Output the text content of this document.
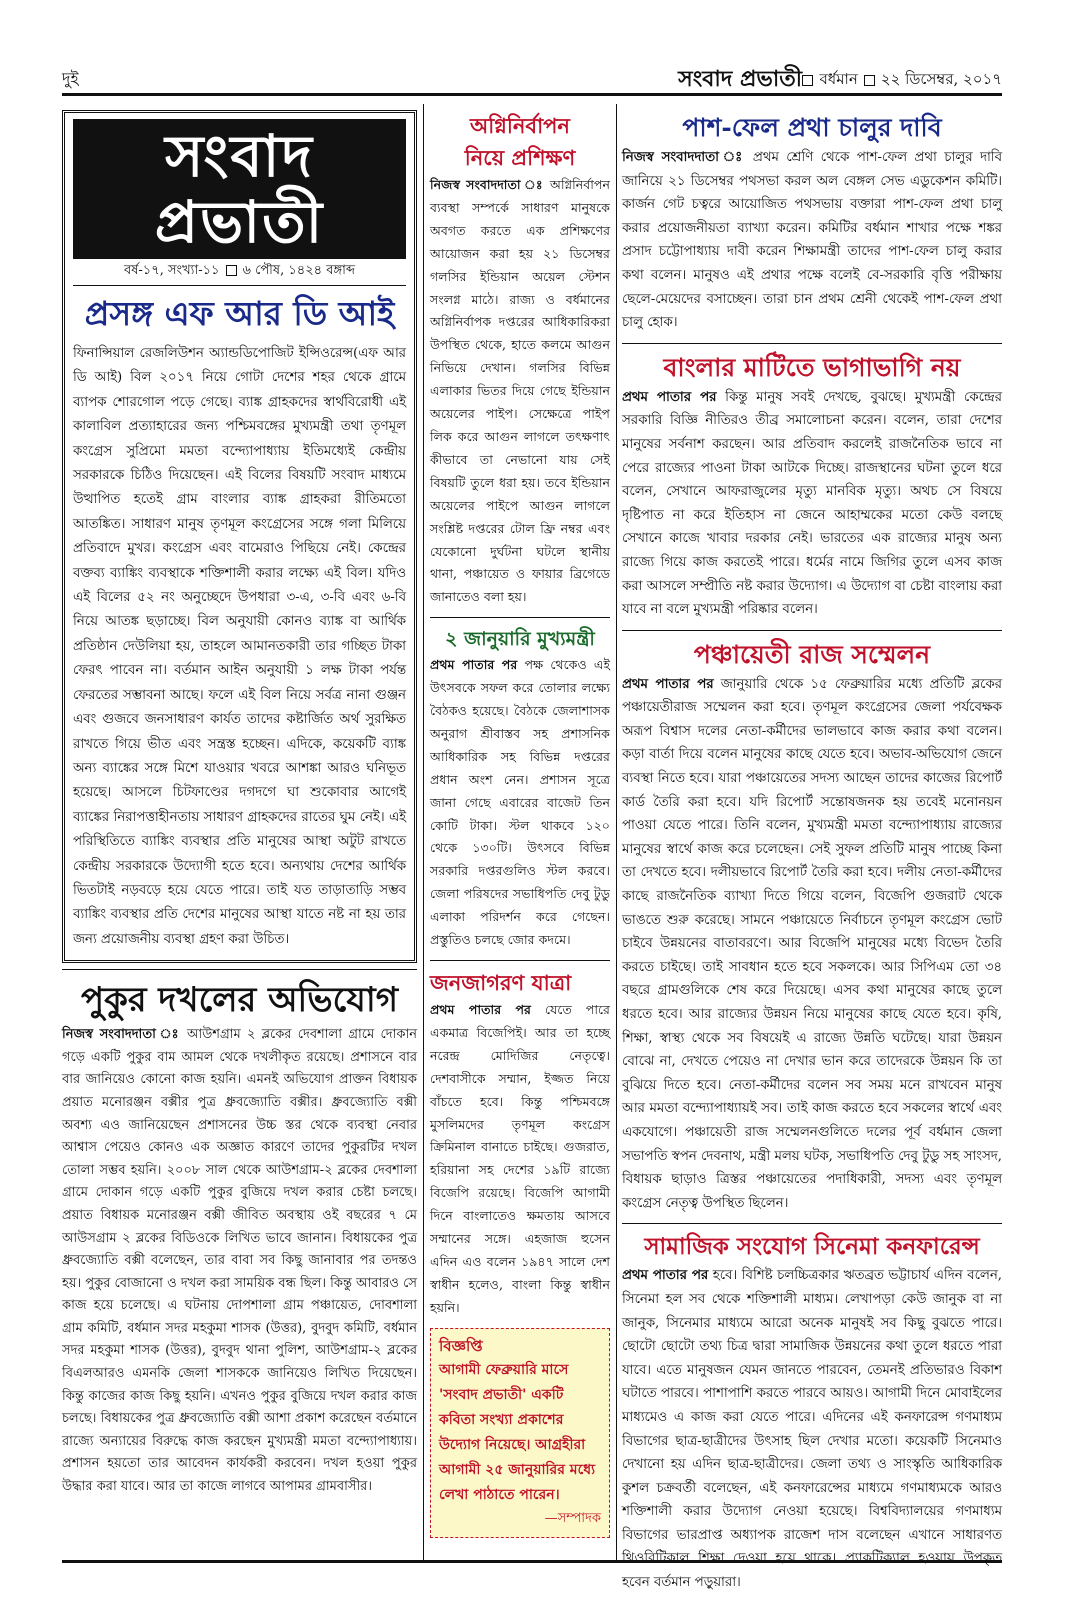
দুই	সংবাদ প্রভাতী	বর্ধমান ২২ ডিসেম্বর, ২০১৭
সংবাদ প্রভাতী
বর্ষ-১৭, সংখ্যা-১১ ৬ পৌষ, ১৪২৪ বঙ্গাব্দ
প্রসঙ্গ এফ আর ডি আই
ফিনান্সিয়াল রেজলিউশন অ্যান্ডডিপোজিট ইন্সিওরেন্স(এফ আর ডি আই) বিল ২০১৭ নিয়ে গোটা দেশের শহর থেকে গ্রামে ব্যাপক শোরগোল পড়ে গেছে। ব্যাঙ্ক গ্রাহকদের স্বার্থবিরোধী এই কালাবিল প্রত্যাহারের জন্য পশ্চিমবঙ্গের মুখ্যমন্ত্রী তথা তৃণমূল কংগ্রেস সুপ্রিমো মমতা বন্দ্যোপাধ্যায় ইতিমধ্যেই কেন্দ্রীয় সরকারকে চিঠিও দিয়েছেন। এই বিলের বিষয়টি সংবাদ মাধ্যমে উত্থাপিত হতেই গ্রাম বাংলার ব্যাঙ্ক গ্রাহকরা রীতিমতো আতঙ্কিত। সাধারণ মানুষ তৃণমূল কংগ্রেসের সঙ্গে গলা মিলিয়ে প্রতিবাদে মুখর। কংগ্রেস এবং বামেরাও পিছিয়ে নেই। কেন্দ্রের বক্তব্য ব্যাঙ্কিং ব্যবস্থাকে শক্তিশালী করার লক্ষ্যে এই বিল। যদিও এই বিলের ৫২ নং অনুচ্ছেদে উপধারা ৩-এ, ৩-বি এবং ৬-বি নিয়ে আতঙ্ক ছড়াচ্ছে। বিল অনুযায়ী কোনও ব্যাঙ্ক বা আর্থিক প্রতিষ্ঠান দেউলিয়া হয়, তাহলে আমানতকারী তার গচ্ছিত টাকা ফেরৎ পাবেন না। বর্তমান আইন অনুযায়ী ১ লক্ষ টাকা পর্যন্ত ফেরতের সম্ভাবনা আছে। ফলে এই বিল নিয়ে সর্বত্র নানা গুঞ্জন এবং গুজবে জনসাধারণ কার্যত তাদের কষ্টার্জিত অর্থ সুরক্ষিত রাখতে গিয়ে ভীত এবং সন্ত্রস্ত হচ্ছেন। এদিকে, কয়েকটি ব্যাঙ্ক অন্য ব্যাঙ্কের সঙ্গে মিশে যাওয়ার খবরে আশঙ্কা আরও ঘনিভূত হয়েছে। আসলে চিটফাণ্ডের দগদগে ঘা শুকোবার আগেই ব্যাঙ্কের নিরাপত্তাহীনতায় সাধারণ গ্রাহকদের রাতের ঘুম নেই। এই পরিস্থিতিতে ব্যাঙ্কিং ব্যবস্থার প্রতি মানুষের আস্থা অটুট রাখতে কেন্দ্রীয় সরকারকে উদ্যোগী হতে হবে। অন্যথায় দেশের আর্থিক ভিতটাই নড়বড়ে হয়ে যেতে পারে। তাই যত তাড়াতাড়ি সম্ভব ব্যাঙ্কিং ব্যবস্থার প্রতি দেশের মানুষের আস্থা যাতে নষ্ট না হয় তার জন্য প্রয়োজনীয় ব্যবস্থা গ্রহণ করা উচিত।
পুকুর দখলের অভিযোগ
নিজস্ব সংবাদদাতা ঃ আউশগ্রাম ২ ব্লকের দেবশালা গ্রামে দোকান গড়ে একটি পুকুর বাম আমল থেকে দখলীকৃত রয়েছে। প্রশাসনে বার বার জানিয়েও কোনো কাজ হয়নি। এমনই অভিযোগ প্রাক্তন বিধায়ক প্রয়াত মনোরঞ্জন বক্সীর পুত্র ধ্রুবজ্যোতি বক্সীর। ধ্রুবজ্যোতি বক্সী অবশ্য এও জানিয়েছেন প্রশাসনের উচ্চ স্তর থেকে ব্যবস্থা নেবার আশ্বাস পেয়েও কোনও এক অজ্ঞাত কারণে তাদের পুকুরটির দখল তোলা সম্ভব হয়নি। ২০০৮ সাল থেকে আউশগ্রাম-২ ব্লকের দেবশালা গ্রামে দোকান গড়ে একটি পুকুর বুজিয়ে দখল করার চেষ্টা চলছে। প্রয়াত বিধায়ক মনোরঞ্জন বক্সী জীবিত অবস্থায় ওই বছরের ৭ মে আউসগ্রাম ২ ব্লকের বিডিওকে লিখিত ভাবে জানান। বিধায়কের পুত্র ধ্রুবজ্যোতি বক্সী বলেছেন, তার বাবা সব কিছু জানাবার পর তদন্তও হয়। পুকুর বোজানো ও দখল করা সাময়িক বন্ধ ছিল। কিন্তু আবারও সে কাজ হয়ে চলেছে। এ ঘটনায় দোপশালা গ্রাম পঞ্চায়েত, দোবশালা গ্রাম কমিটি, বর্ধমান সদর মহকুমা শাসক (উত্তর), বুদবুদ কমিটি, বর্ধমান সদর মহকুমা শাসক (উত্তর), বুদবুদ থানা পুলিশ, আউশগ্রাম-২ ব্লকের বিএলআরও এমনকি জেলা শাসককে জানিয়েও লিখিত দিয়েছেন। কিন্তু কাজের কাজ কিছু হয়নি। এখনও পুকুর বুজিয়ে দখল করার কাজ চলছে। বিধায়কের পুত্র ধ্রুবজ্যোতি বক্সী আশা প্রকাশ করেছেন বর্তমানে রাজ্যে অন্যায়ের বিরুদ্ধে কাজ করছেন মুখ্যমন্ত্রী মমতা বন্দ্যোপাধ্যায়। প্রশাসন হয়তো তার আবেদন কার্যকরী করবেন। দখল হওয়া পুকুর উদ্ধার করা যাবে। আর তা কাজে লাগবে আপামর গ্রামবাসীর।
অগ্নিনির্বাপন
নিয়ে প্রশিক্ষণ
নিজস্ব সংবাদদাতা ঃ অগ্নিনির্বাপন ব্যবস্থা সম্পর্কে সাধারণ মানুষকে অবগত করতে এক প্রশিক্ষণের আয়োজন করা হয় ২১ ডিসেম্বর গলসির ইন্ডিয়ান অয়েল স্টেশন সংলগ্ন মাঠে। রাজ্য ও বর্ধমানের অগ্নিনির্বাপক দপ্তরের আধিকারিকরা উপস্থিত থেকে, হাতে কলমে আগুন নিভিয়ে দেখান। গলসির বিভিন্ন এলাকার ভিতর দিয়ে গেছে ইন্ডিয়ান অয়েলের পাইপ। সেক্ষেত্রে পাইপ লিক করে আগুন লাগলে তৎক্ষণাৎ কীভাবে তা নেভানো যায় সেই বিষয়টি তুলে ধরা হয়। তবে ইন্ডিয়ান অয়েলের পাইপে আগুন লাগলে সংশ্লিষ্ট দপ্তরের টোল ফ্রি নম্বর এবং যেকোনো দুর্ঘটনা ঘটলে স্থানীয় থানা, পঞ্চায়েত ও ফায়ার ব্রিগেডে জানাতেও বলা হয়।
২ জানুয়ারি মুখ্যমন্ত্রী
প্রথম পাতার পর পক্ষ থেকেও এই উৎসবকে সফল করে তোলার লক্ষ্যে বৈঠকও হয়েছে। বৈঠকে জেলাশাসক অনুরাগ শ্রীবাস্তব সহ প্রশাসনিক আধিকারিক সহ বিভিন্ন দপ্তরের প্রধান অংশ নেন। প্রশাসন সূত্রে জানা গেছে এবারের বাজেট তিন কোটি টাকা। স্টল থাকবে ১২০ থেকে ১৩০টি। উৎসবে বিভিন্ন সরকারি দপ্তরগুলিও স্টল করবে। জেলা পরিষদের সভাধিপতি দেবু টুডু এলাকা পরিদর্শন করে গেছেন। প্রস্তুতিও চলছে জোর কদমে।
জনজাগরণ যাত্রা
প্রথম পাতার পর যেতে পারে একমাত্র বিজেপিই। আর তা হচ্ছে নরেন্দ্র মোদিজির নেতৃত্বে। দেশবাসীকে সম্মান, ইজ্জত নিয়ে বাঁচতে হবে। কিন্তু পশ্চিমবঙ্গে মুসলিমদের তৃণমূল কংগ্রেস ক্রিমিনাল বানাতে চাইছে। গুজরাত, হরিয়ানা সহ দেশের ১৯টি রাজ্যে বিজেপি রয়েছে। বিজেপি আগামী দিনে বাংলাতেও ক্ষমতায় আসবে সম্মানের সঙ্গে। এহজাজ হুসেন এদিন এও বলেন ১৯৪৭ সালে দেশ স্বাধীন হলেও, বাংলা কিন্তু স্বাধীন হয়নি।
বিজ্ঞপ্তি
আগামী ফেব্রুয়ারি মাসে 'সংবাদ প্রভাতী' একটি কবিতা সংখ্যা প্রকাশের উদ্যোগ নিয়েছে। আগ্রহীরা আগামী ২৫ জানুয়ারির মধ্যে লেখা পাঠাতে পারেন।
—সম্পাদক
পাশ-ফেল প্রথা চালুর দাবি
নিজস্ব সংবাদদাতা ঃ প্রথম শ্রেণি থেকে পাশ-ফেল প্রথা চালুর দাবি জানিয়ে ২১ ডিসেম্বর পথসভা করল অল বেঙ্গল সেভ এডুকেশন কমিটি। কার্জন গেট চত্বরে আয়োজিত পথসভায় বক্তারা পাশ-ফেল প্রথা চালু করার প্রয়োজনীয়তা ব্যাখ্যা করেন। কমিটির বর্ধমান শাখার পক্ষে শঙ্কর প্রসাদ চট্টোপাধ্যায় দাবী করেন শিক্ষামন্ত্রী তাদের পাশ-ফেল চালু করার কথা বলেন। মানুষও এই প্রথার পক্ষে বলেই বে-সরকারি বৃত্তি পরীক্ষায় ছেলে-মেয়েদের বসাচ্ছেন। তারা চান প্রথম শ্রেনী থেকেই পাশ-ফেল প্রথা চালু হোক।
বাংলার মাটিতে ভাগাভাগি নয়
প্রথম পাতার পর কিন্তু মানুষ সবই দেখছে, বুঝছে। মুখ্যমন্ত্রী কেন্দ্রের সরকারি বিজ্ঞি নীতিরও তীব্র সমালোচনা করেন। বলেন, তারা দেশের মানুষের সর্বনাশ করছেন। আর প্রতিবাদ করলেই রাজনৈতিক ভাবে না পেরে রাজ্যের পাওনা টাকা আটকে দিচ্ছে। রাজস্থানের ঘটনা তুলে ধরে বলেন, সেখানে আফরাজুলের মৃত্যু মানবিক মৃত্যু। অথচ সে বিষয়ে দৃষ্টিপাত না করে ইতিহাস না জেনে আহাম্মকের মতো কেউ বলছে সেখানে কাজে খাবার দরকার নেই। ভারতের এক রাজ্যের মানুষ অন্য রাজ্যে গিয়ে কাজ করতেই পারে। ধর্মের নামে জিগির তুলে এসব কাজ করা আসলে সম্প্রীতি নষ্ট করার উদ্যোগ। এ উদ্যোগ বা চেষ্টা বাংলায় করা যাবে না বলে মুখ্যমন্ত্রী পরিষ্কার বলেন।
পঞ্চায়েতী রাজ সম্মেলন
প্রথম পাতার পর জানুয়ারি থেকে ১৫ ফেব্রুয়ারির মধ্যে প্রতিটি ব্লকের পঞ্চায়েতীরাজ সম্মেলন করা হবে। তৃণমূল কংগ্রেসের জেলা পর্যবেক্ষক অরূপ বিশ্বাস দলের নেতা-কর্মীদের ভালভাবে কাজ করার কথা বলেন। কড়া বার্তা দিয়ে বলেন মানুষের কাছে যেতে হবে। অভাব-অভিযোগ জেনে ব্যবস্থা নিতে হবে। যারা পঞ্চায়েতের সদস্য আছেন তাদের কাজের রিপোর্ট কার্ড তৈরি করা হবে। যদি রিপোর্ট সন্তোষজনক হয় তবেই মনোনয়ন পাওয়া যেতে পারে। তিনি বলেন, মুখ্যমন্ত্রী মমতা বন্দ্যোপাধ্যায় রাজ্যের মানুষের স্বার্থে কাজ করে চলেছেন। সেই সুফল প্রতিটি মানুষ পাচ্ছে কিনা তা দেখতে হবে। দলীয়ভাবে রিপোর্ট তৈরি করা হবে। দলীয় নেতা-কর্মীদের কাছে রাজনৈতিক ব্যাখ্যা দিতে গিয়ে বলেন, বিজেপি গুজরাট থেকে ভাঙতে শুরু করেছে। সামনে পঞ্চায়েতে নির্বাচনে তৃণমূল কংগ্রেস ভোট চাইবে উন্নয়নের বাতাবরণে। আর বিজেপি মানুষের মধ্যে বিভেদ তৈরি করতে চাইছে। তাই সাবধান হতে হবে সকলকে। আর সিপিএম তো ৩৪ বছরে গ্রামগুলিকে শেষ করে দিয়েছে। এসব কথা মানুষের কাছে তুলে ধরতে হবে। আর রাজ্যের উন্নয়ন নিয়ে মানুষের কাছে যেতে হবে। কৃষি, শিক্ষা, স্বাস্থ্য থেকে সব বিষয়েই এ রাজ্যে উন্নতি ঘটেছে। যারা উন্নয়ন বোঝে না, দেখতে পেয়েও না দেখার ভান করে তাদেরকে উন্নয়ন কি তা বুঝিয়ে দিতে হবে। নেতা-কর্মীদের বলেন সব সময় মনে রাখবেন মানুষ আর মমতা বন্দ্যোপাধ্যায়ই সব। তাই কাজ করতে হবে সকলের স্বার্থে এবং একযোগে। পঞ্চায়েতী রাজ সম্মেলনগুলিতে দলের পূর্ব বর্ধমান জেলা সভাপতি স্বপন দেবনাথ, মন্ত্রী মলয় ঘটক, সভাধিপতি দেবু টুডু সহ সাংসদ, বিধায়ক ছাড়াও ত্রিস্তর পঞ্চায়েতের পদাধিকারী, সদস্য এবং তৃণমূল কংগ্রেস নেতৃত্ব উপস্থিত ছিলেন।
সামাজিক সংযোগ সিনেমা কনফারেন্স
প্রথম পাতার পর হবে। বিশিষ্ট চলচ্চিত্রকার ঋতব্রত ভট্টাচার্য এদিন বলেন, সিনেমা হল সব থেকে শক্তিশালী মাধ্যম। লেখাপড়া কেউ জানুক বা না জানুক, সিনেমার মাধ্যমে আরো অনেক মানুষই সব কিছু বুঝতে পারে। ছোটো ছোটো তথ্য চিত্র দ্বারা সামাজিক উন্নয়নের কথা তুলে ধরতে পারা যাবে। এতে মানুষজন যেমন জানতে পারবেন, তেমনই প্রতিভারও বিকাশ ঘটাতে পারবে। পাশাপাশি করতে পারবে আয়ও। আগামী দিনে মোবাইলের মাধ্যমেও এ কাজ করা যেতে পারে। এদিনের এই কনফারেন্স গণমাধ্যম বিভাগের ছাত্র-ছাত্রীদের উৎসাহ ছিল দেখার মতো। কয়েকটি সিনেমাও দেখানো হয় এদিন ছাত্র-ছাত্রীদের। জেলা তথ্য ও সাংস্কৃতি আধিকারিক কুশল চক্রবর্তী বলেছেন, এই কনফারেন্সের মাধ্যমে গণমাধ্যমকে আরও শক্তিশালী করার উদ্যোগ নেওয়া হয়েছে। বিশ্ববিদ্যালয়ের গণমাধ্যম বিভাগের ভারপ্রাপ্ত অধ্যাপক রাজেশ দাস বলেছেন এখানে সাধারণত থিওরিটিকাল শিক্ষা দেওয়া হয়ে থাকে। প্র্যাকটিক্যাল হওয়ায় উপকৃত হবেন বর্তমান পড়ুয়ারা।
